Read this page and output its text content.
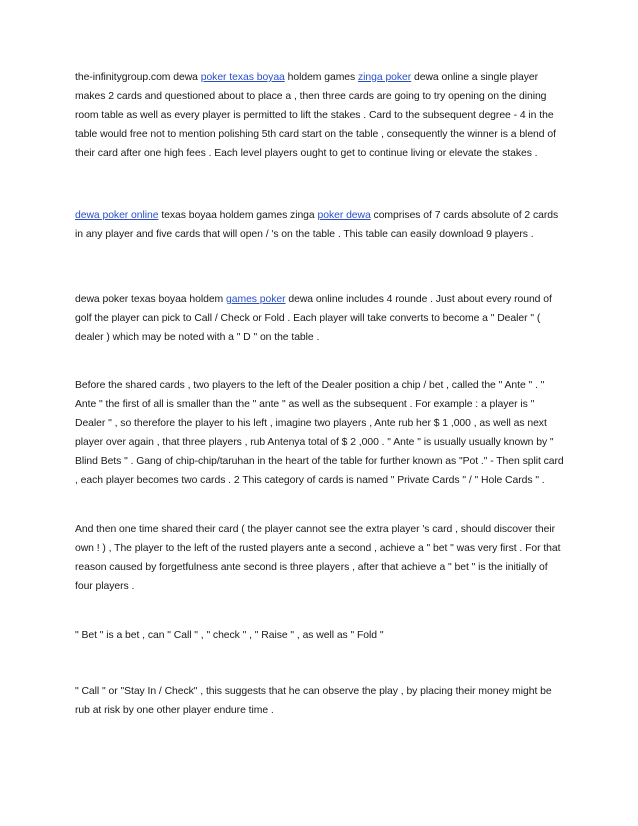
the-infinitygroup.com dewa poker texas boyaa holdem games zinga poker dewa online a single player makes 2 cards and questioned about to place a , then three cards are going to try opening on the dining room table as well as every player is permitted to lift the stakes . Card to the subsequent degree - 4 in the table would free not to mention polishing 5th card start on the table , consequently the winner is a blend of their card after one high fees . Each level players ought to get to continue living or elevate the stakes .

dewa poker online texas boyaa holdem games zinga poker dewa comprises of 7 cards absolute of 2 cards in any player and five cards that will open / 's on the table . This table can easily download 9 players .

dewa poker texas boyaa holdem games poker dewa online includes 4 rounde . Just about every round of golf the player can pick to Call / Check or Fold . Each player will take converts to become a " Dealer " ( dealer ) which may be noted with a " D " on the table .

Before the shared cards , two players to the left of the Dealer position a chip / bet , called the " Ante " . " Ante " the first of all is smaller than the " ante " as well as the subsequent . For example : a player is " Dealer " , so therefore the player to his left , imagine two players , Ante rub her $ 1 ,000 , as well as next player over again , that three players , rub Antenya total of $ 2 ,000 . " Ante " is usually usually known by " Blind Bets " . Gang of chip-chip/taruhan in the heart of the table for further known as "Pot ." - Then split card , each player becomes two cards . 2 This category of cards is named " Private Cards " / " Hole Cards " .

And then one time shared their card ( the player cannot see the extra player 's card , should discover their own ! ) , The player to the left of the rusted players ante a second , achieve a " bet " was very first . For that reason caused by forgetfulness ante second is three players , after that achieve a " bet " is the initially of four players .

" Bet " is a bet , can " Call " , " check " , " Raise " , as well as " Fold "

" Call " or "Stay In / Check" , this suggests that he can observe the play , by placing their money might be rub at risk by one other player endure time .
